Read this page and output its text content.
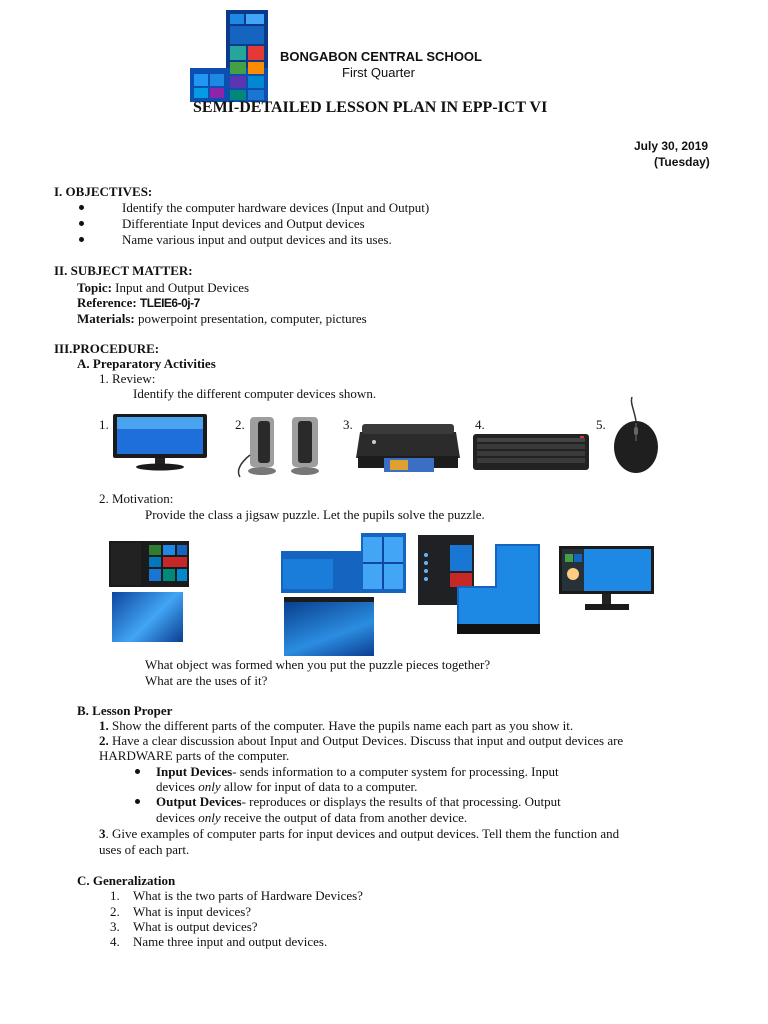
BONGABON CENTRAL SCHOOL
First Quarter
SEMI-DETAILED LESSON PLAN IN EPP-ICT VI
July 30, 2019
(Tuesday)
I. OBJECTIVES:
Identify the computer hardware devices (Input and Output)
Differentiate Input devices and Output devices
Name various input and output devices and its uses.
II. SUBJECT MATTER:
Topic: Input and Output Devices
Reference: TLEIE6-0j-7
Materials: powerpoint presentation, computer, pictures
III.PROCEDURE:
A. Preparatory Activities
1. Review:
Identify the different computer devices shown.
1.	2.	3.	4.	5.
2. Motivation:
Provide the class a jigsaw puzzle. Let the pupils solve the puzzle.
What object was formed when you put the puzzle pieces together?
What are the uses of it?
B. Lesson Proper
1. Show the different parts of the computer. Have the pupils name each part as you show it.
2. Have a clear discussion about Input and Output Devices. Discuss that input and output devices are
HARDWARE parts of the computer.
Input Devices- sends information to a computer system for processing. Input
devices only allow for input of data to a computer.
Output Devices- reproduces or displays the results of that processing. Output
devices only receive the output of data from another device.
3. Give examples of computer parts for input devices and output devices. Tell them the function and
uses of each part.
C. Generalization
1. What is the two parts of Hardware Devices?
2. What is input devices?
3. What is output devices?
4. Name three input and output devices.
